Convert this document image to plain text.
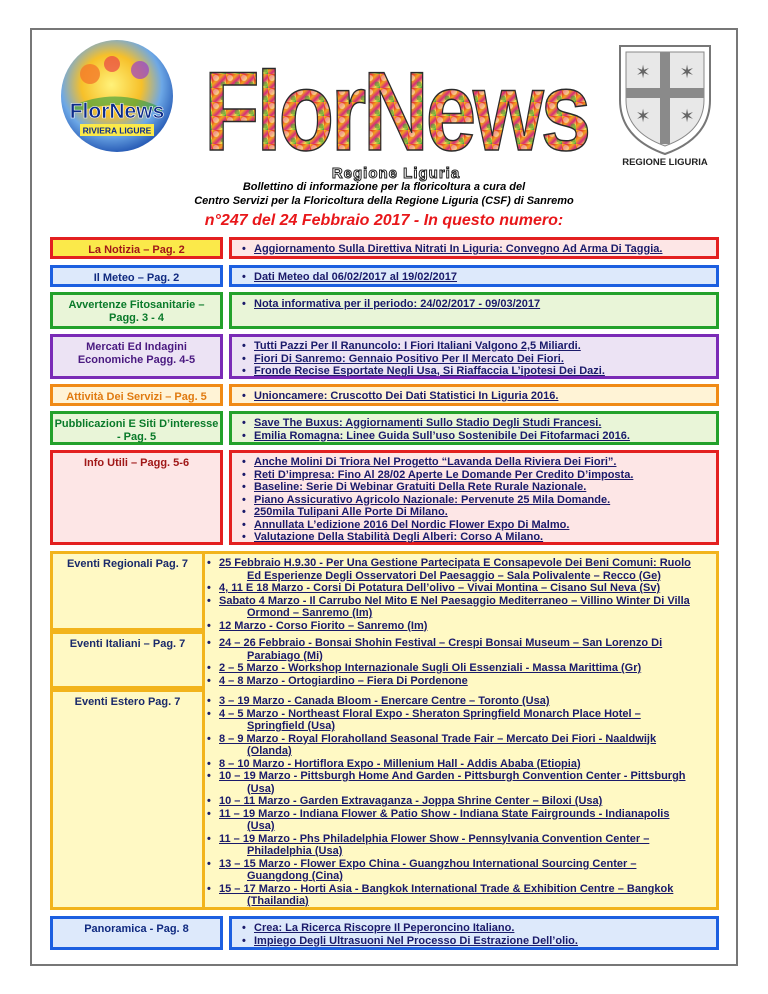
FlorNews
RIVIERA LIGURE FlorNews
Regione Liguria
✶ ✶
✶ ✶
REGIONE LIGURIA
Bollettino di informazione per la floricoltura a cura del
Centro Servizi per la Floricoltura della Regione Liguria (CSF) di Sanremo
n°247 del 24 Febbraio 2017 - In questo numero:
La Notizia – Pag. 2	• Aggiornamento Sulla Direttiva Nitrati In Liguria: Convegno Ad Arma Di Taggia.
Il Meteo – Pag. 2	• Dati Meteo dal 06/02/2017 al 19/02/2017
Avvertenze Fitosanitarie – Pagg. 3 - 4
• Nota informativa per il periodo: 24/02/2017 - 09/03/2017
Mercati Ed Indagini Economiche Pagg. 4-5
• Tutti Pazzi Per Il Ranuncolo: I Fiori Italiani Valgono 2,5 Miliardi.
• Fiori Di Sanremo: Gennaio Positivo Per Il Mercato Dei Fiori.
• Fronde Recise Esportate Negli Usa, Si Riaffaccia L’ipotesi Dei Dazi.
Attività Dei Servizi – Pag. 5	• Unioncamere: Cruscotto Dei Dati Statistici In Liguria 2016.
Pubblicazioni E Siti D’interesse - Pag. 5
• Save The Buxus: Aggiornamenti Sullo Stadio Degli Studi Francesi.
• Emilia Romagna: Linee Guida Sull’uso Sostenibile Dei Fitofarmaci 2016.
Info Utili – Pagg. 5-6	• Anche Molini Di Triora Nel Progetto “Lavanda Della Riviera Dei Fiori”.
• Reti D’impresa: Fino Al 28/02 Aperte Le Domande Per Credito D’imposta.
• Baseline: Serie Di Webinar Gratuiti Della Rete Rurale Nazionale.
• Piano Assicurativo Agricolo Nazionale: Pervenute 25 Mila Domande.
• 250mila Tulipani Alle Porte Di Milano.
• Annullata L’edizione 2016 Del Nordic Flower Expo Di Malmo.
• Valutazione Della Stabilità Degli Alberi: Corso A Milano.
Eventi Regionali Pag. 7	• 25 Febbraio H.9.30 - Per Una Gestione Partecipata E Consapevole Dei Beni Comuni: Ruolo
Ed Esperienze Degli Osservatori Del Paesaggio – Sala Polivalente – Recco (Ge)
• 4, 11 E 18 Marzo - Corsi Di Potatura Dell’olivo – Vivai Montina – Cisano Sul Neva (Sv)
• Sabato 4 Marzo - Il Carrubo Nel Mito E Nel Paesaggio Mediterraneo – Villino Winter Di Villa
Ormond – Sanremo (Im)
• 12 Marzo - Corso Fiorito – Sanremo (Im)
Eventi Italiani – Pag. 7	• 24 – 26 Febbraio - Bonsai Shohin Festival – Crespi Bonsai Museum – San Lorenzo Di
Parabiago (Mi)
• 2 – 5 Marzo - Workshop Internazionale Sugli Oli Essenziali - Massa Marittima (Gr)
• 4 – 8 Marzo - Ortogiardino – Fiera Di Pordenone
Eventi Estero Pag. 7	• 3 – 19 Marzo - Canada Bloom - Enercare Centre – Toronto (Usa)
• 4 – 5 Marzo - Northeast Floral Expo - Sheraton Springfield Monarch Place Hotel –
Springfield (Usa)
• 8 – 9 Marzo - Royal Floraholland Seasonal Trade Fair – Mercato Dei Fiori - Naaldwijk
(Olanda)
• 8 – 10 Marzo - Hortiflora Expo - Millenium Hall - Addis Ababa (Etiopia)
• 10 – 19 Marzo - Pittsburgh Home And Garden - Pittsburgh Convention Center - Pittsburgh
(Usa)
• 10 – 11 Marzo - Garden Extravaganza - Joppa Shrine Center – Biloxi (Usa)
• 11 – 19 Marzo - Indiana Flower & Patio Show - Indiana State Fairgrounds - Indianapolis
(Usa)
• 11 – 19 Marzo - Phs Philadelphia Flower Show - Pennsylvania Convention Center –
Philadelphia (Usa)
• 13 – 15 Marzo - Flower Expo China - Guangzhou International Sourcing Center –
Guangdong (Cina)
• 15 – 17 Marzo - Horti Asia - Bangkok International Trade & Exhibition Centre – Bangkok
(Thailandia)
Panoramica - Pag. 8	• Crea: La Ricerca Riscopre Il Peperoncino Italiano.
• Impiego Degli Ultrasuoni Nel Processo Di Estrazione Dell’olio.
